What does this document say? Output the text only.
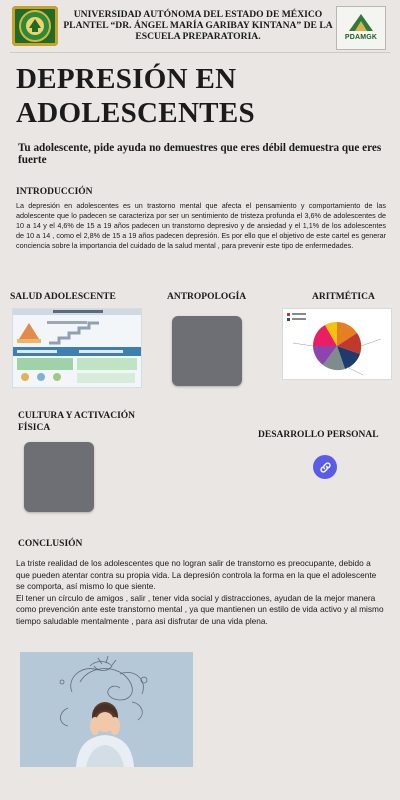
UNIVERSIDAD AUTÓNOMA DEL ESTADO DE MÉXICO PLANTEL “DR. ÁNGEL MARÍA GARIBAY KINTANA” DE LA ESCUELA PREPARATORIA.	PDAMGK
DEPRESIÓN EN ADOLESCENTES
Tu adolescente, pide ayuda no demuestres que eres débil demuestra que eres fuerte
INTRODUCCIÓN
La depresión en adolescentes es un trastorno mental que afecta el pensamiento y comportamiento de las adolescente que lo padecen se caracteriza por ser un sentimiento de tristeza profunda el 3,6% de adolescentes de 10 a 14 y el 4,6% de 15 a 19 años padecen un transtorno depresivo y de ansiedad y el 1,1% de los adolescentes de 10 a 14 , como el 2,8% de 15 a 19 años padecen depresión. Es por ello que el objetivo de este cartel es generar conciencia sobre la importancia del cuidado de la salud mental , para prevenir este tipo de enfermedades.
SALUD ADOLESCENTE	ANTROPOLOGÍA	ARITMÉTICA
CULTURA Y ACTIVACIÓN FÍSICA
DESARROLLO PERSONAL
CONCLUSIÓN

La triste realidad de los adolescentes que no logran salir de transtorno es preocupante, debido a que pueden atentar contra su propia vida. La depresión controla la forma en la que el adolescente se comporta, así mismo lo que siente.

El tener un círculo de amigos , salir , tener vida social y distracciones, ayudan de la mejor manera como prevención ante este transtorno mental , ya que mantienen un estilo de vida activo y al mismo tiempo saludable mentalmente , para asi disfrutar de una vida plena.
